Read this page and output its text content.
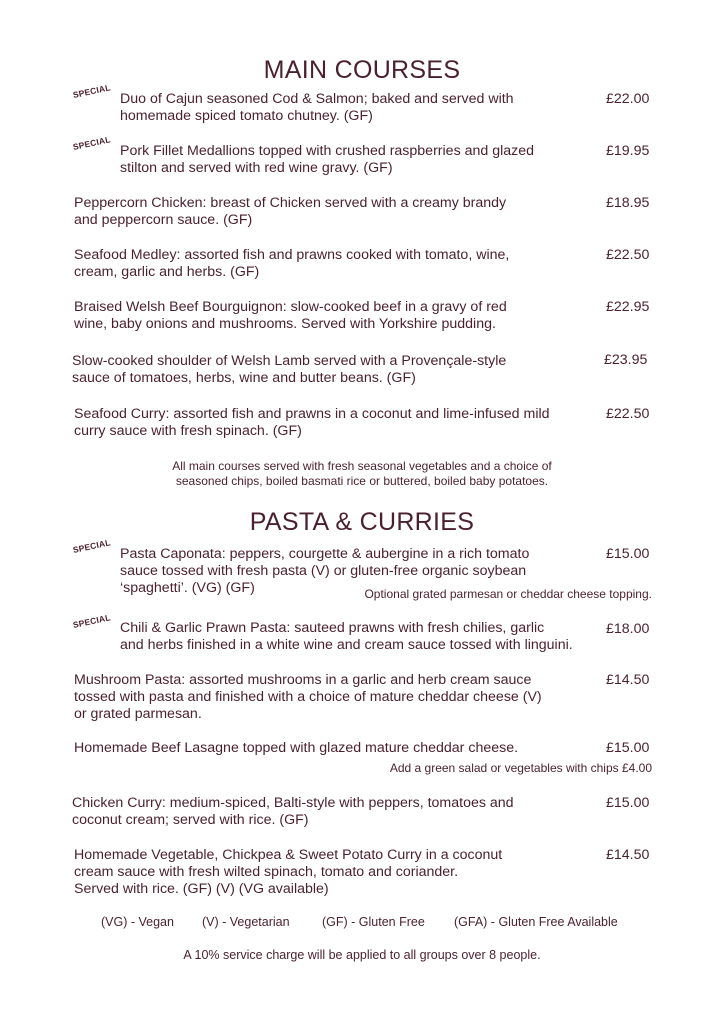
MAIN COURSES
SPECIAL Duo of Cajun seasoned Cod & Salmon; baked and served with
homemade spiced tomato chutney. (GF)
£22.00
SPECIAL Pork Fillet Medallions topped with crushed raspberries and glazed
stilton and served with red wine gravy. (GF)
£19.95
Peppercorn Chicken: breast of Chicken served with a creamy brandy
and peppercorn sauce. (GF)
£18.95
Seafood Medley: assorted fish and prawns cooked with tomato, wine,
cream, garlic and herbs. (GF)
£22.50
Braised Welsh Beef Bourguignon: slow-cooked beef in a gravy of red
wine, baby onions and mushrooms. Served with Yorkshire pudding.
£22.95
Slow-cooked shoulder of Welsh Lamb served with a Provençale-style
sauce of tomatoes, herbs, wine and butter beans. (GF)
£23.95
Seafood Curry: assorted fish and prawns in a coconut and lime-infused mild
curry sauce with fresh spinach. (GF)
£22.50
All main courses served with fresh seasonal vegetables and a choice of
seasoned chips, boiled basmati rice or buttered, boiled baby potatoes.
PASTA & CURRIES
SPECIAL Pasta Caponata: peppers, courgette & aubergine in a rich tomato
sauce tossed with fresh pasta (V) or gluten-free organic soybean
‘spaghetti’. (VG) (GF)
£15.00
Optional grated parmesan or cheddar cheese topping.
SPECIAL Chili & Garlic Prawn Pasta: sauteed prawns with fresh chilies, garlic
and herbs finished in a white wine and cream sauce tossed with linguini.
£18.00
Mushroom Pasta: assorted mushrooms in a garlic and herb cream sauce
tossed with pasta and finished with a choice of mature cheddar cheese (V)
or grated parmesan.
£14.50
Homemade Beef Lasagne topped with glazed mature cheddar cheese.	£15.00
Add a green salad or vegetables with chips £4.00
Chicken Curry: medium-spiced, Balti-style with peppers, tomatoes and
coconut cream; served with rice. (GF)
£15.00
Homemade Vegetable, Chickpea & Sweet Potato Curry in a coconut
cream sauce with fresh wilted spinach, tomato and coriander.
Served with rice. (GF) (V) (VG available)
£14.50
(VG) - Vegan (V) - Vegetarian	(GF) - Gluten Free (GFA) - Gluten Free Available
A 10% service charge will be applied to all groups over 8 people.
